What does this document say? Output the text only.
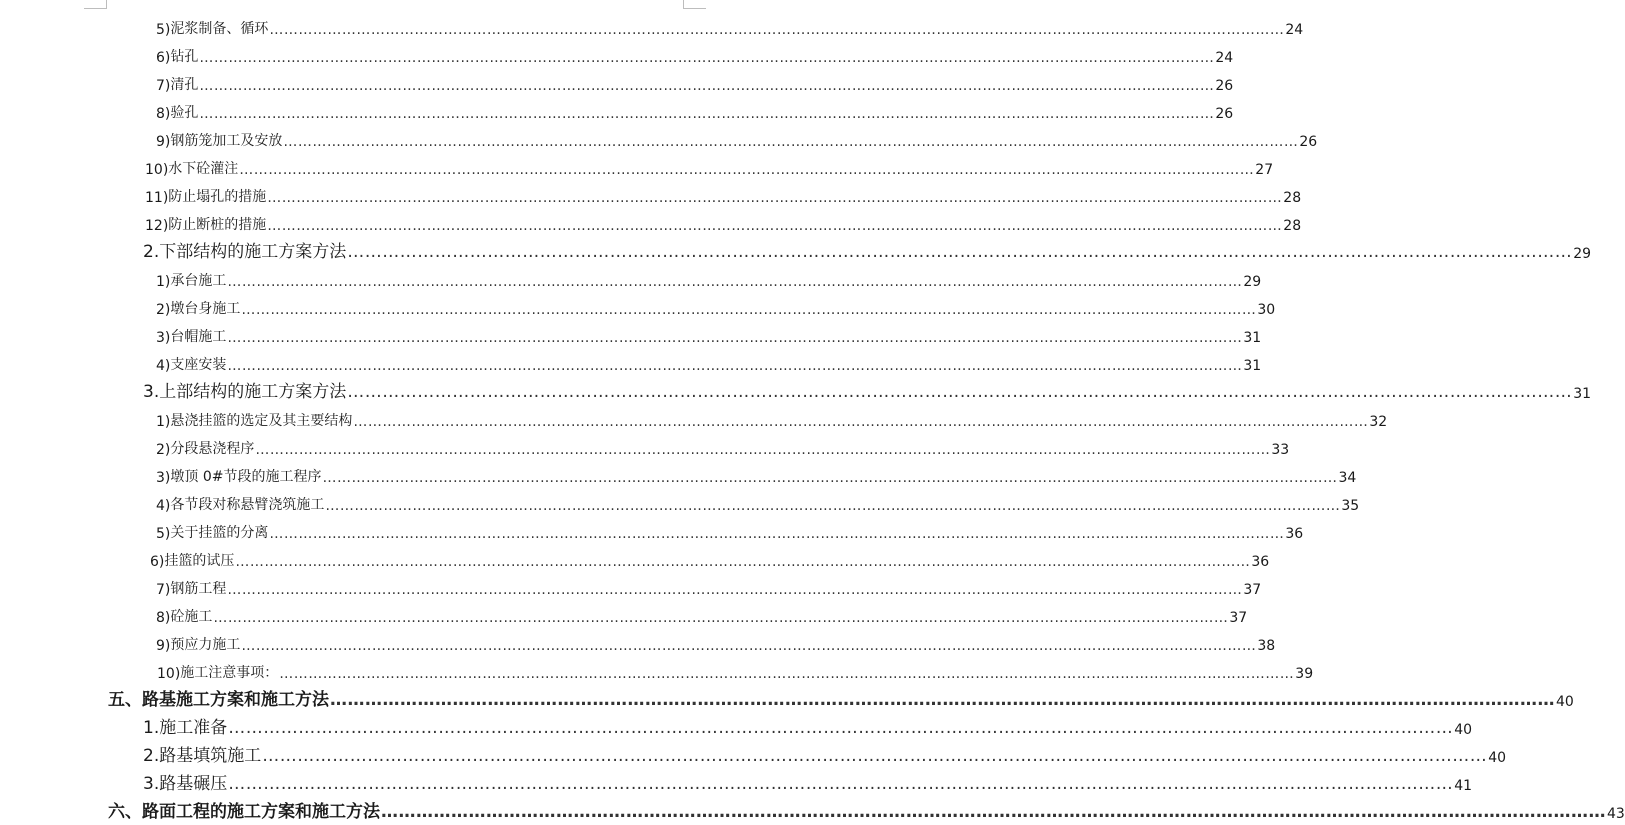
5) 泥浆制备、循环 ………………………………………………………………………………………………………………………………………………………………………………………… 24
6) 钻孔 ………………………………………………………………………………………………………………………………………………………………………………………… 24
7) 清孔 ………………………………………………………………………………………………………………………………………………………………………………………… 26
8) 验孔 ………………………………………………………………………………………………………………………………………………………………………………………… 26
9) 钢筋笼加工及安放 ………………………………………………………………………………………………………………………………………………………………………………………… 26
10) 水下砼灌注 ………………………………………………………………………………………………………………………………………………………………………………………… 27
11) 防止塌孔的措施 ………………………………………………………………………………………………………………………………………………………………………………………… 28
12) 防止断桩的措施 ………………………………………………………………………………………………………………………………………………………………………………………… 28
2. 下部结构的施工方案方法 ………………………………………………………………………………………………………………………………………………………………………………………… 29
1) 承台施工 ………………………………………………………………………………………………………………………………………………………………………………………… 29
2) 墩台身施工 ………………………………………………………………………………………………………………………………………………………………………………………… 30
3) 台帽施工 ………………………………………………………………………………………………………………………………………………………………………………………… 31
4) 支座安装 ………………………………………………………………………………………………………………………………………………………………………………………… 31
3. 上部结构的施工方案方法 ………………………………………………………………………………………………………………………………………………………………………………………… 31
1) 悬浇挂篮的选定及其主要结构 ………………………………………………………………………………………………………………………………………………………………………………………… 32
2) 分段悬浇程序 ………………………………………………………………………………………………………………………………………………………………………………………… 33
3) 墩顶 0#节段的施工程序 ………………………………………………………………………………………………………………………………………………………………………………………… 34
4) 各节段对称悬臂浇筑施工 ………………………………………………………………………………………………………………………………………………………………………………………… 35
5) 关于挂篮的分离 ………………………………………………………………………………………………………………………………………………………………………………………… 36
6) 挂篮的试压 ………………………………………………………………………………………………………………………………………………………………………………………… 36
7) 钢筋工程 ………………………………………………………………………………………………………………………………………………………………………………………… 37
8) 砼施工 ………………………………………………………………………………………………………………………………………………………………………………………… 37
9) 预应力施工 ………………………………………………………………………………………………………………………………………………………………………………………… 38
10) 施工注意事项： ………………………………………………………………………………………………………………………………………………………………………………………… 39
五、 路基施工方案和施工方法 ………………………………………………………………………………………………………………………………………………………………………………………… 40
1. 施工准备 ………………………………………………………………………………………………………………………………………………………………………………………… 40
2. 路基填筑施工 ………………………………………………………………………………………………………………………………………………………………………………………… 40
3. 路基碾压 ………………………………………………………………………………………………………………………………………………………………………………………… 41
六、 路面工程的施工方案和施工方法 ………………………………………………………………………………………………………………………………………………………………………………………… 43
